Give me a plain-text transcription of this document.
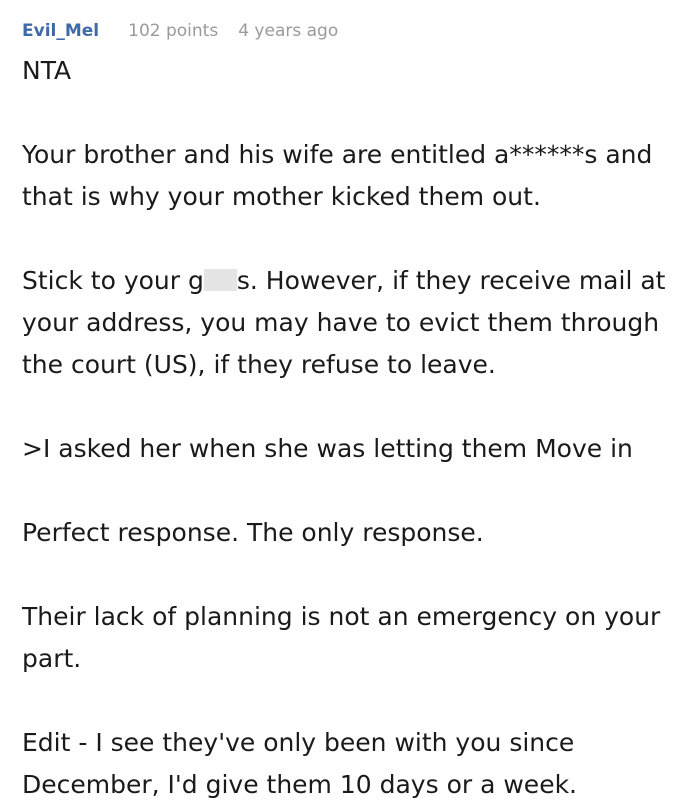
Evil_Mel 102 points 4 years ago

NTA

Your brother and his wife are entitled a******s and that is why your mother kicked them out.

Stick to your g s. However, if they receive mail at your address, you may have to evict them through the court (US), if they refuse to leave.

>I asked her when she was letting them Move in

Perfect response. The only response.

Their lack of planning is not an emergency on your part.

Edit - I see they've only been with you since December, I'd give them 10 days or a week.
